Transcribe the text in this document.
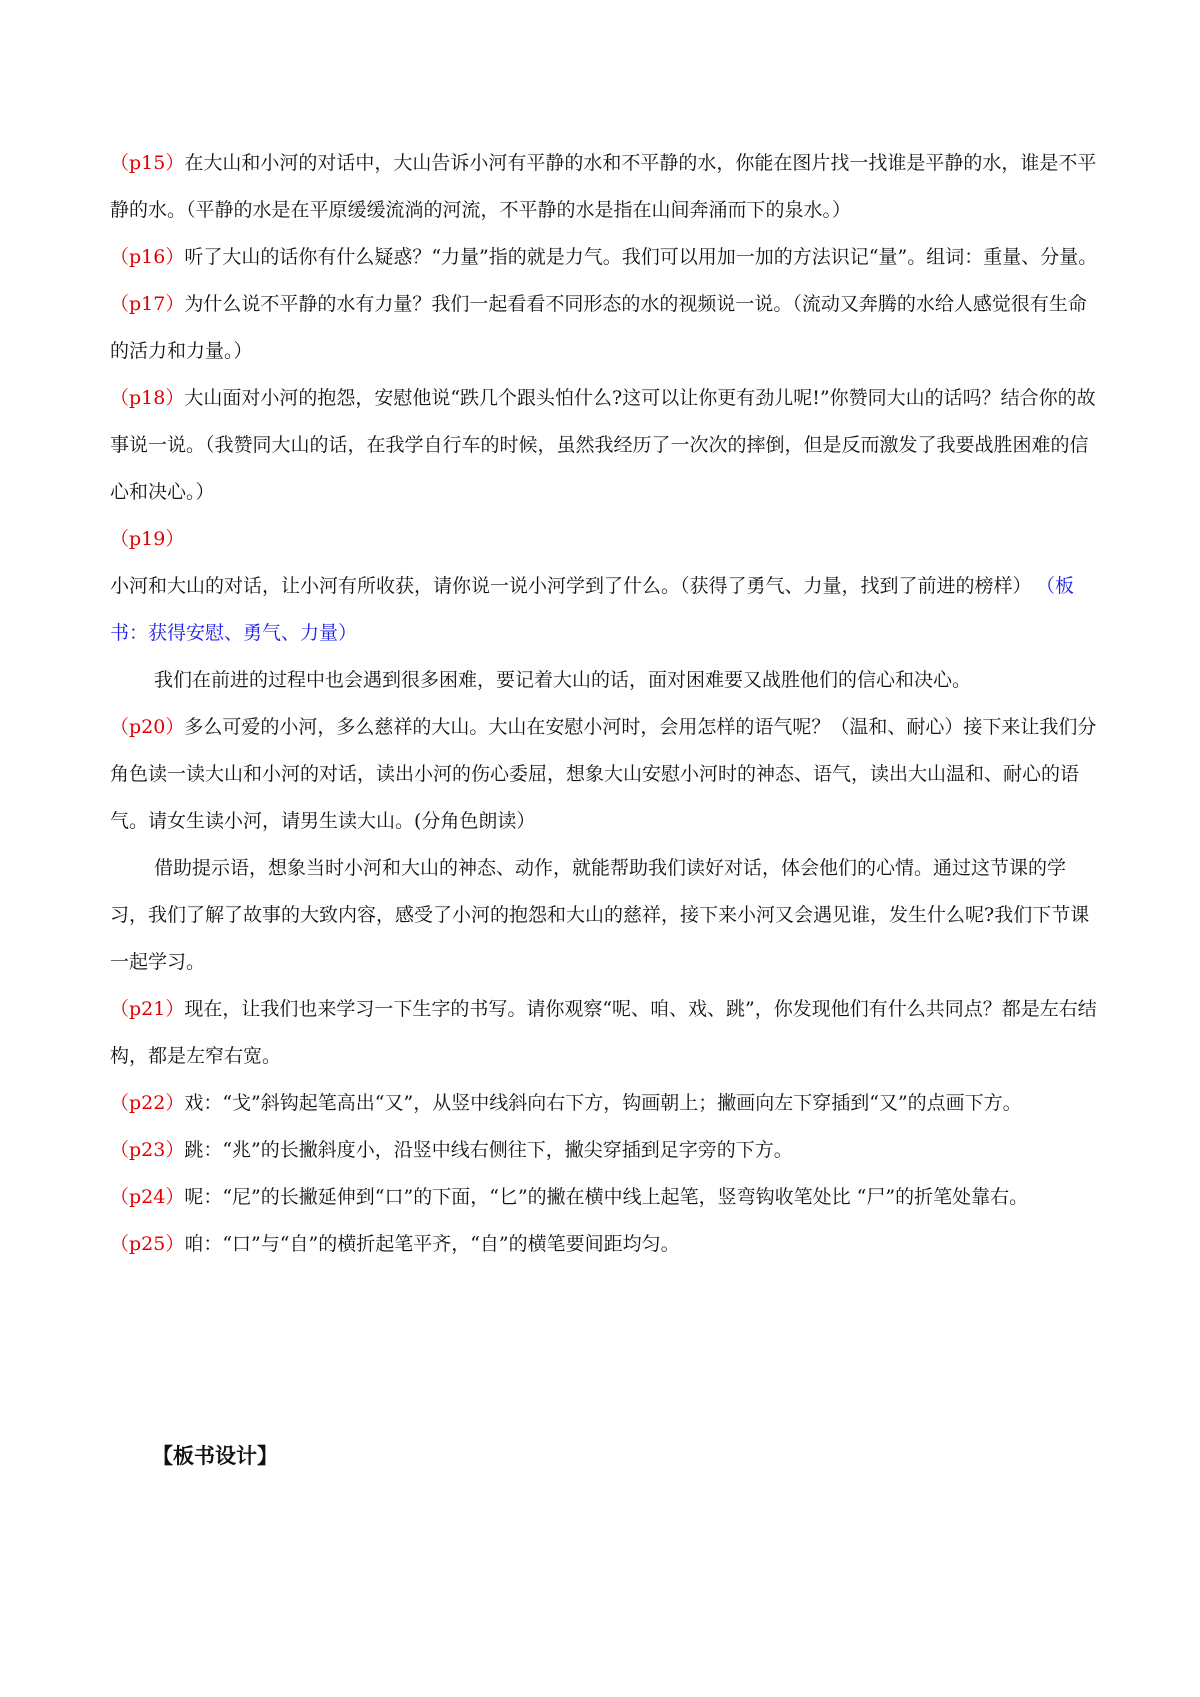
（p15）在大山和小河的对话中，大山告诉小河有平静的水和不平静的水，你能在图片找一找谁是平静的水，谁是不平静的水。（平静的水是在平原缓缓流淌的河流，不平静的水是指在山间奔涌而下的泉水。）

（p16）听了大山的话你有什么疑惑？“力量”指的就是力气。我们可以用加一加的方法识记“量”。组词：重量、分量。

（p17）为什么说不平静的水有力量？我们一起看看不同形态的水的视频说一说。（流动又奔腾的水给人感觉很有生命的活力和力量。）

（p18）大山面对小河的抱怨，安慰他说“跌几个跟头怕什么?这可以让你更有劲儿呢!”你赞同大山的话吗？结合你的故事说一说。（我赞同大山的话，在我学自行车的时候，虽然我经历了一次次的摔倒，但是反而激发了我要战胜困难的信心和决心。）

（p19）小河和大山的对话，让小河有所收获，请你说一说小河学到了什么。（获得了勇气、力量，找到了前进的榜样） （板书：获得安慰、勇气、力量）

我们在前进的过程中也会遇到很多困难，要记着大山的话，面对困难要又战胜他们的信心和决心。

（p20）多么可爱的小河，多么慈祥的大山。大山在安慰小河时，会用怎样的语气呢？（温和、耐心）接下来让我们分角色读一读大山和小河的对话，读出小河的伤心委屈，想象大山安慰小河时的神态、语气，读出大山温和、耐心的语气。请女生读小河，请男生读大山。(分角色朗读）

借助提示语，想象当时小河和大山的神态、动作，就能帮助我们读好对话，体会他们的心情。通过这节课的学习，我们了解了故事的大致内容，感受了小河的抱怨和大山的慈祥，接下来小河又会遇见谁，发生什么呢?我们下节课一起学习。

（p21）现在，让我们也来学习一下生字的书写。请你观察“呢、咱、戏、跳”，你发现他们有什么共同点？都是左右结构，都是左窄右宽。

（p22）戏：“戈”斜钩起笔高出“又”，从竖中线斜向右下方，钩画朝上；撇画向左下穿插到“又”的点画下方。

（p23）跳：“兆”的长撇斜度小，沿竖中线右侧往下，撇尖穿插到足字旁的下方。

（p24）呢：“尼”的长撇延伸到“口”的下面，“匕”的撇在横中线上起笔，竖弯钩收笔处比 “尸”的折笔处靠右。

（p25）咱：“口”与“自”的横折起笔平齐，“自”的横笔要间距均匀。

【板书设计】
